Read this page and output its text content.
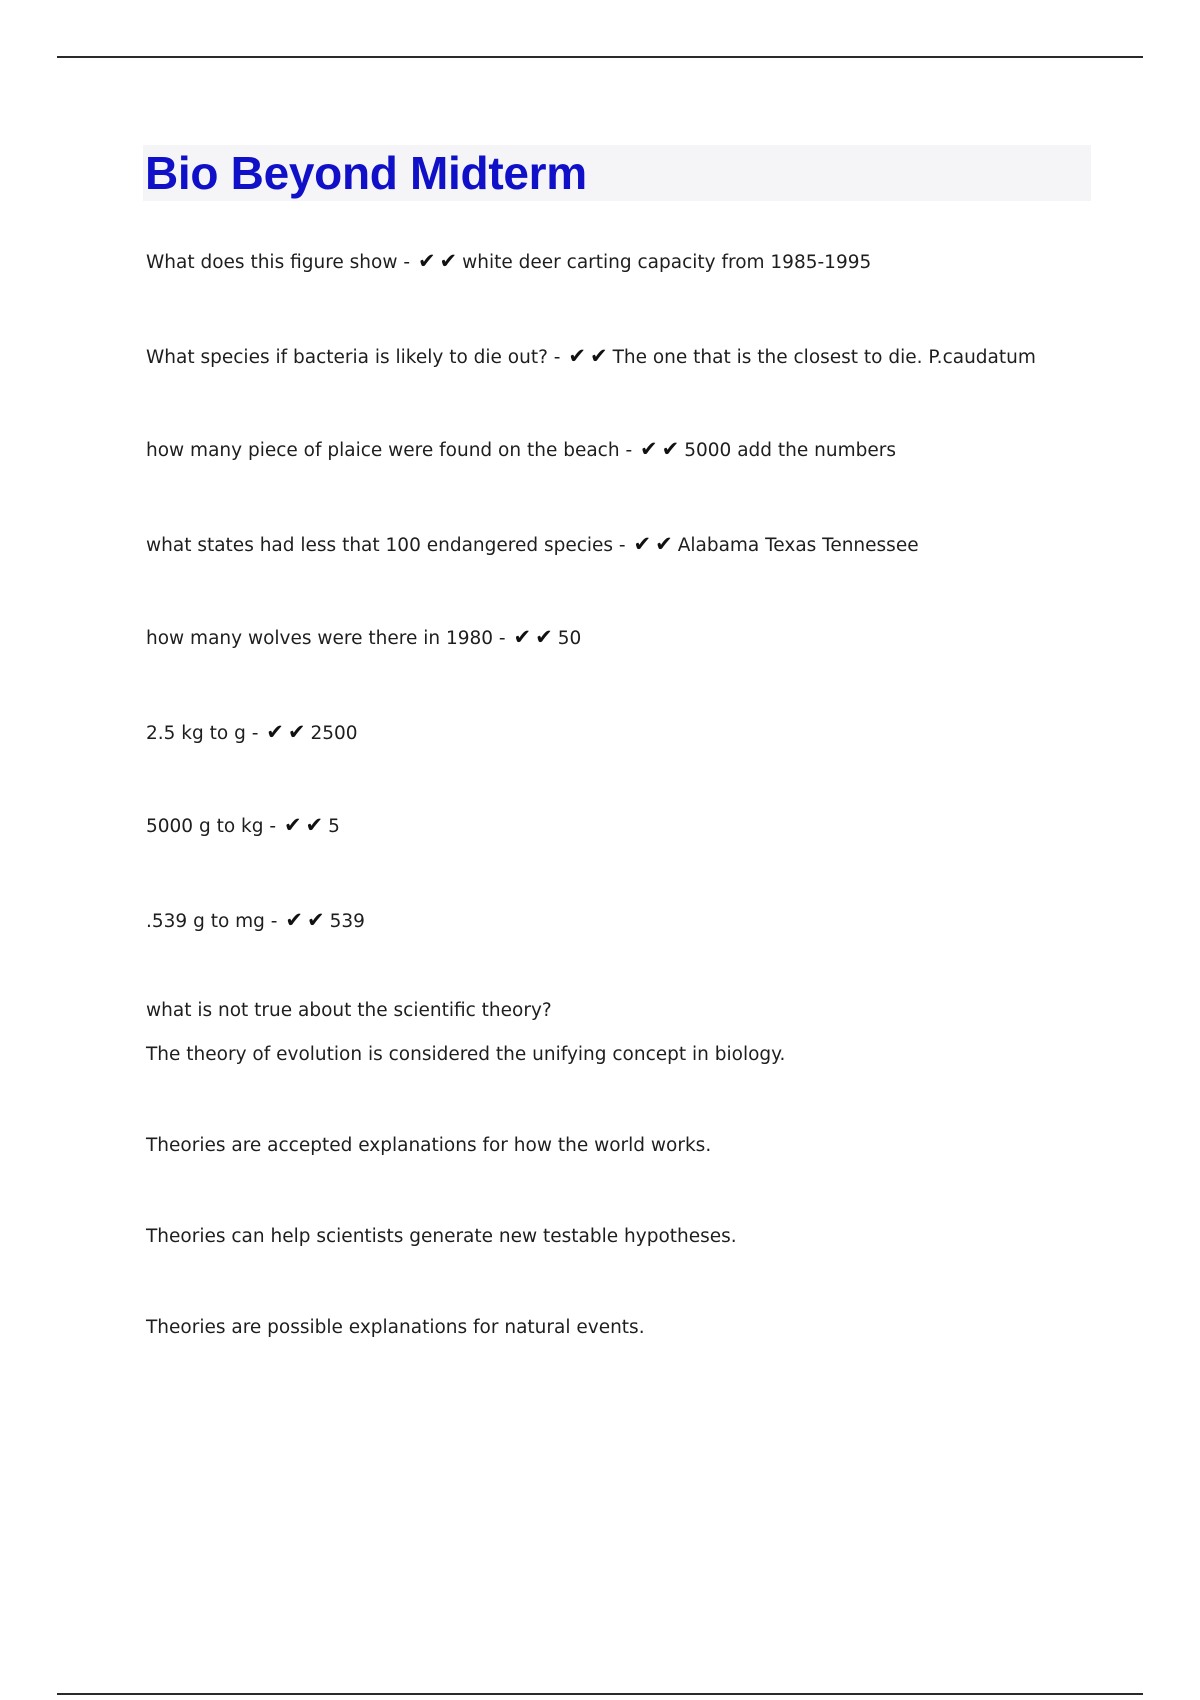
Bio Beyond Midterm
What does this figure show - ✔✔white deer carting capacity from 1985-1995
What species if bacteria is likely to die out? - ✔✔The one that is the closest to die. P.caudatum
how many piece of plaice were found on the beach - ✔✔5000 add the numbers
what states had less that 100 endangered species - ✔✔Alabama Texas Tennessee
how many wolves were there in 1980 - ✔✔50
2.5 kg to g - ✔✔2500
5000 g to kg - ✔✔5
.539 g to mg - ✔✔539
what is not true about the scientific theory?
The theory of evolution is considered the unifying concept in biology.
Theories are accepted explanations for how the world works.
Theories can help scientists generate new testable hypotheses.
Theories are possible explanations for natural events.
